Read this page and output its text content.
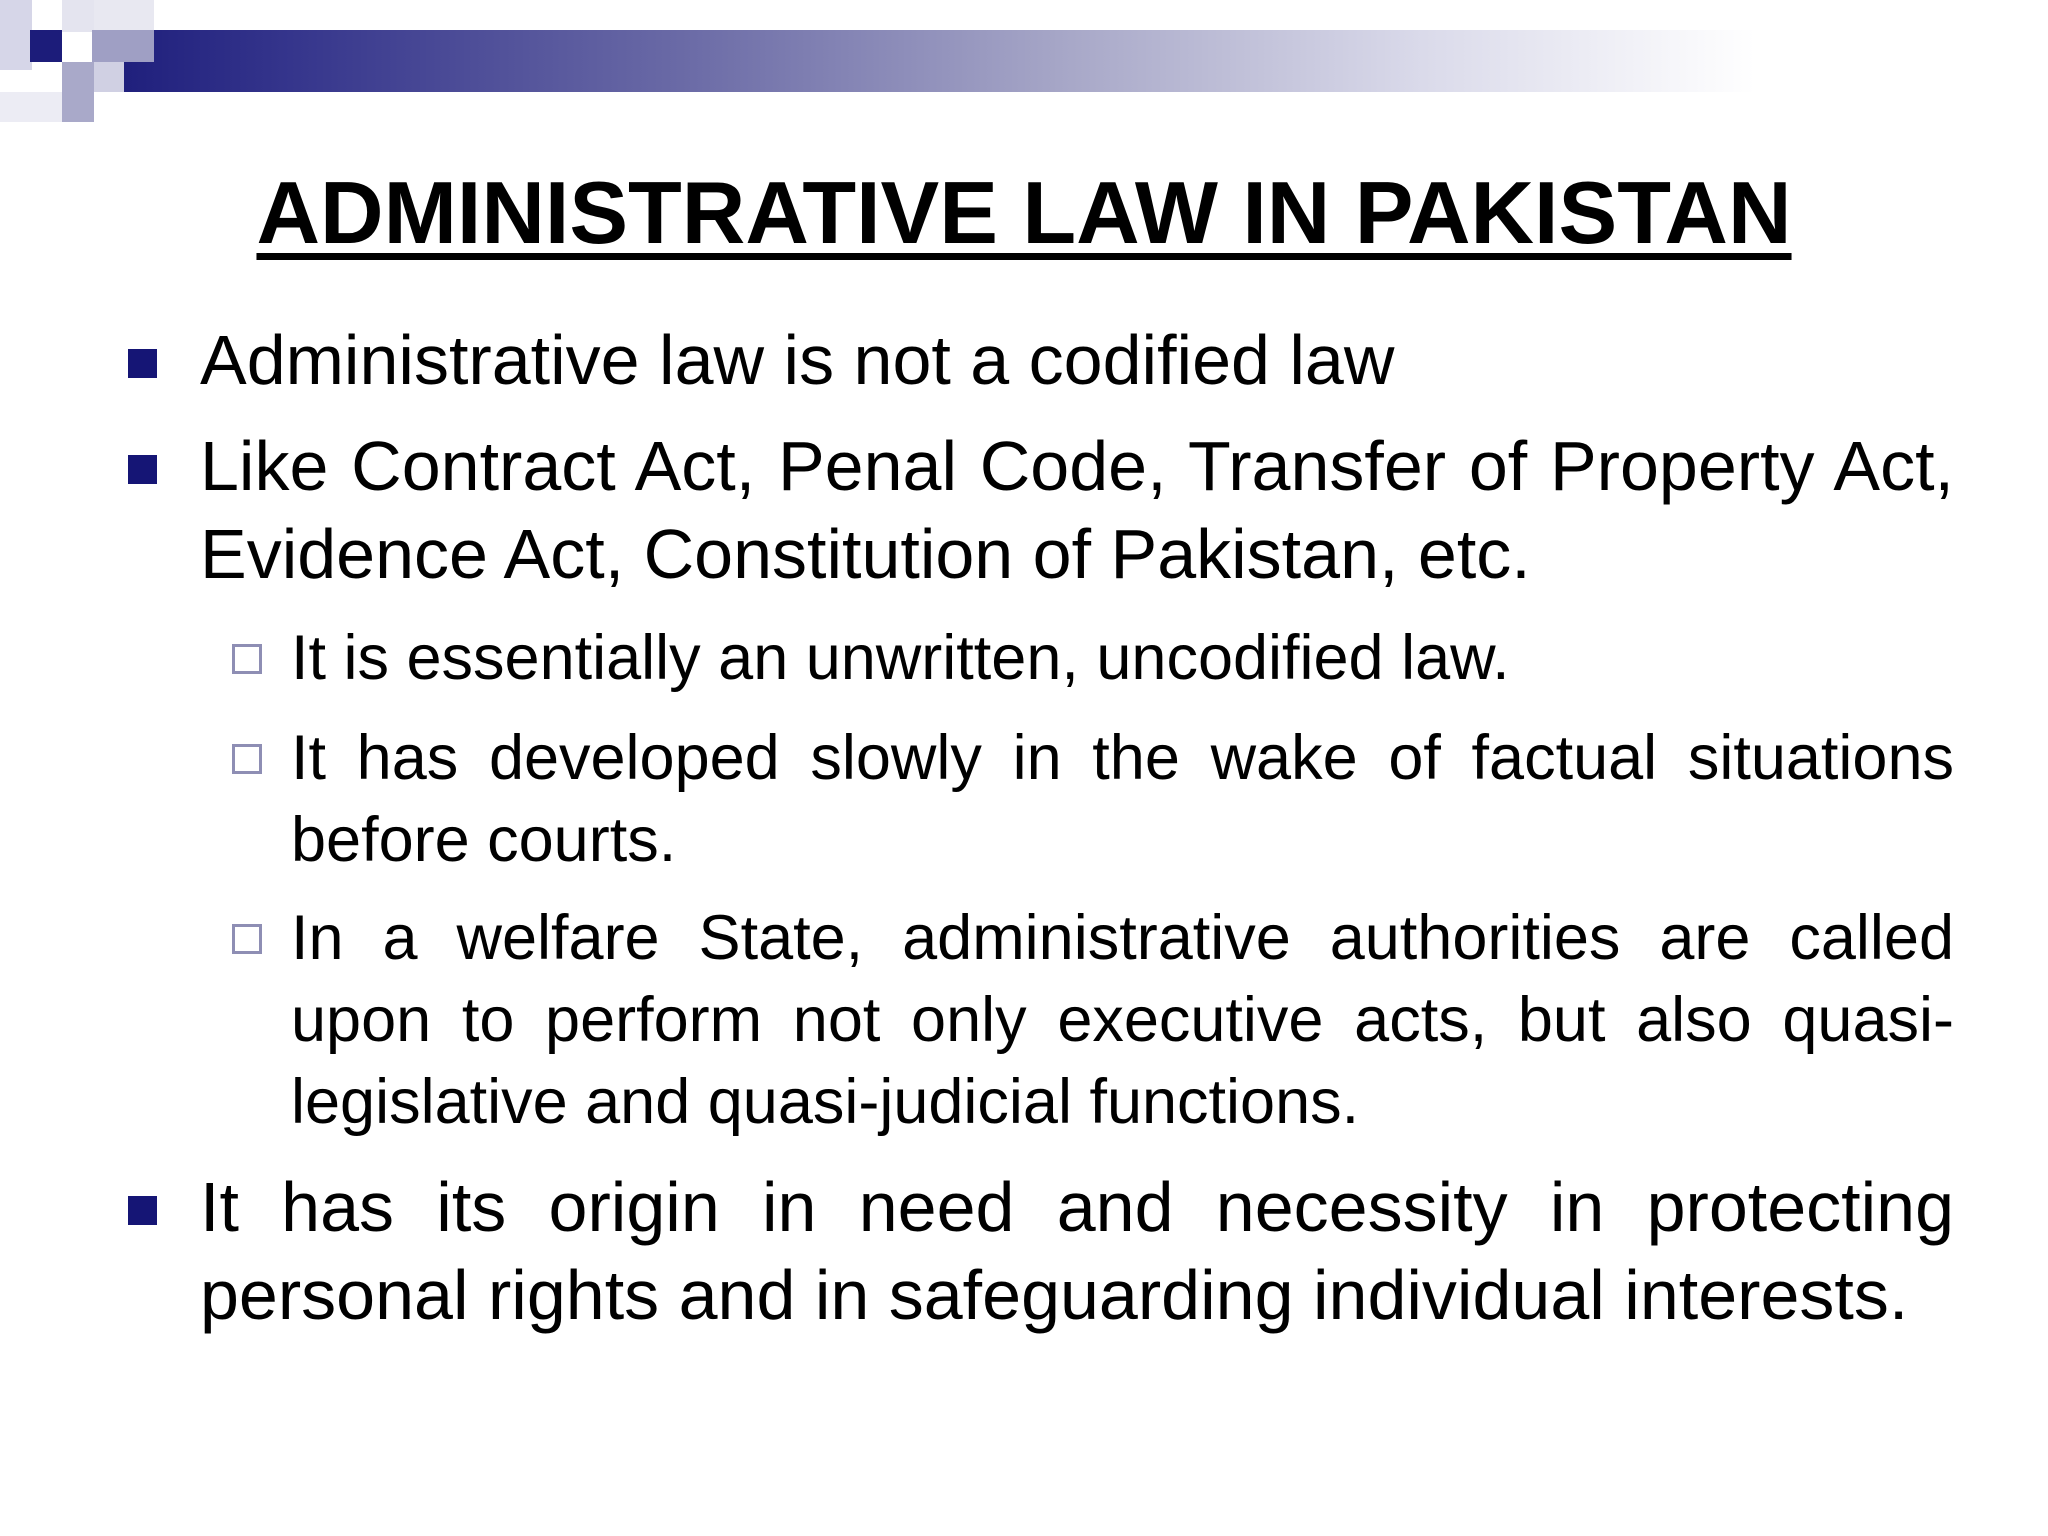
ADMINISTRATIVE LAW IN PAKISTAN
Administrative law is not a codified law
Like Contract Act, Penal Code, Transfer of Property Act, Evidence Act, Constitution of Pakistan, etc.
It is essentially an unwritten, uncodified law.
It has developed slowly in the wake of factual situations before courts.
In a welfare State, administrative authorities are called upon to perform not only executive acts, but also quasi-legislative and quasi-judicial functions.
It has its origin in need and necessity in protecting personal rights and in safeguarding individual interests.
